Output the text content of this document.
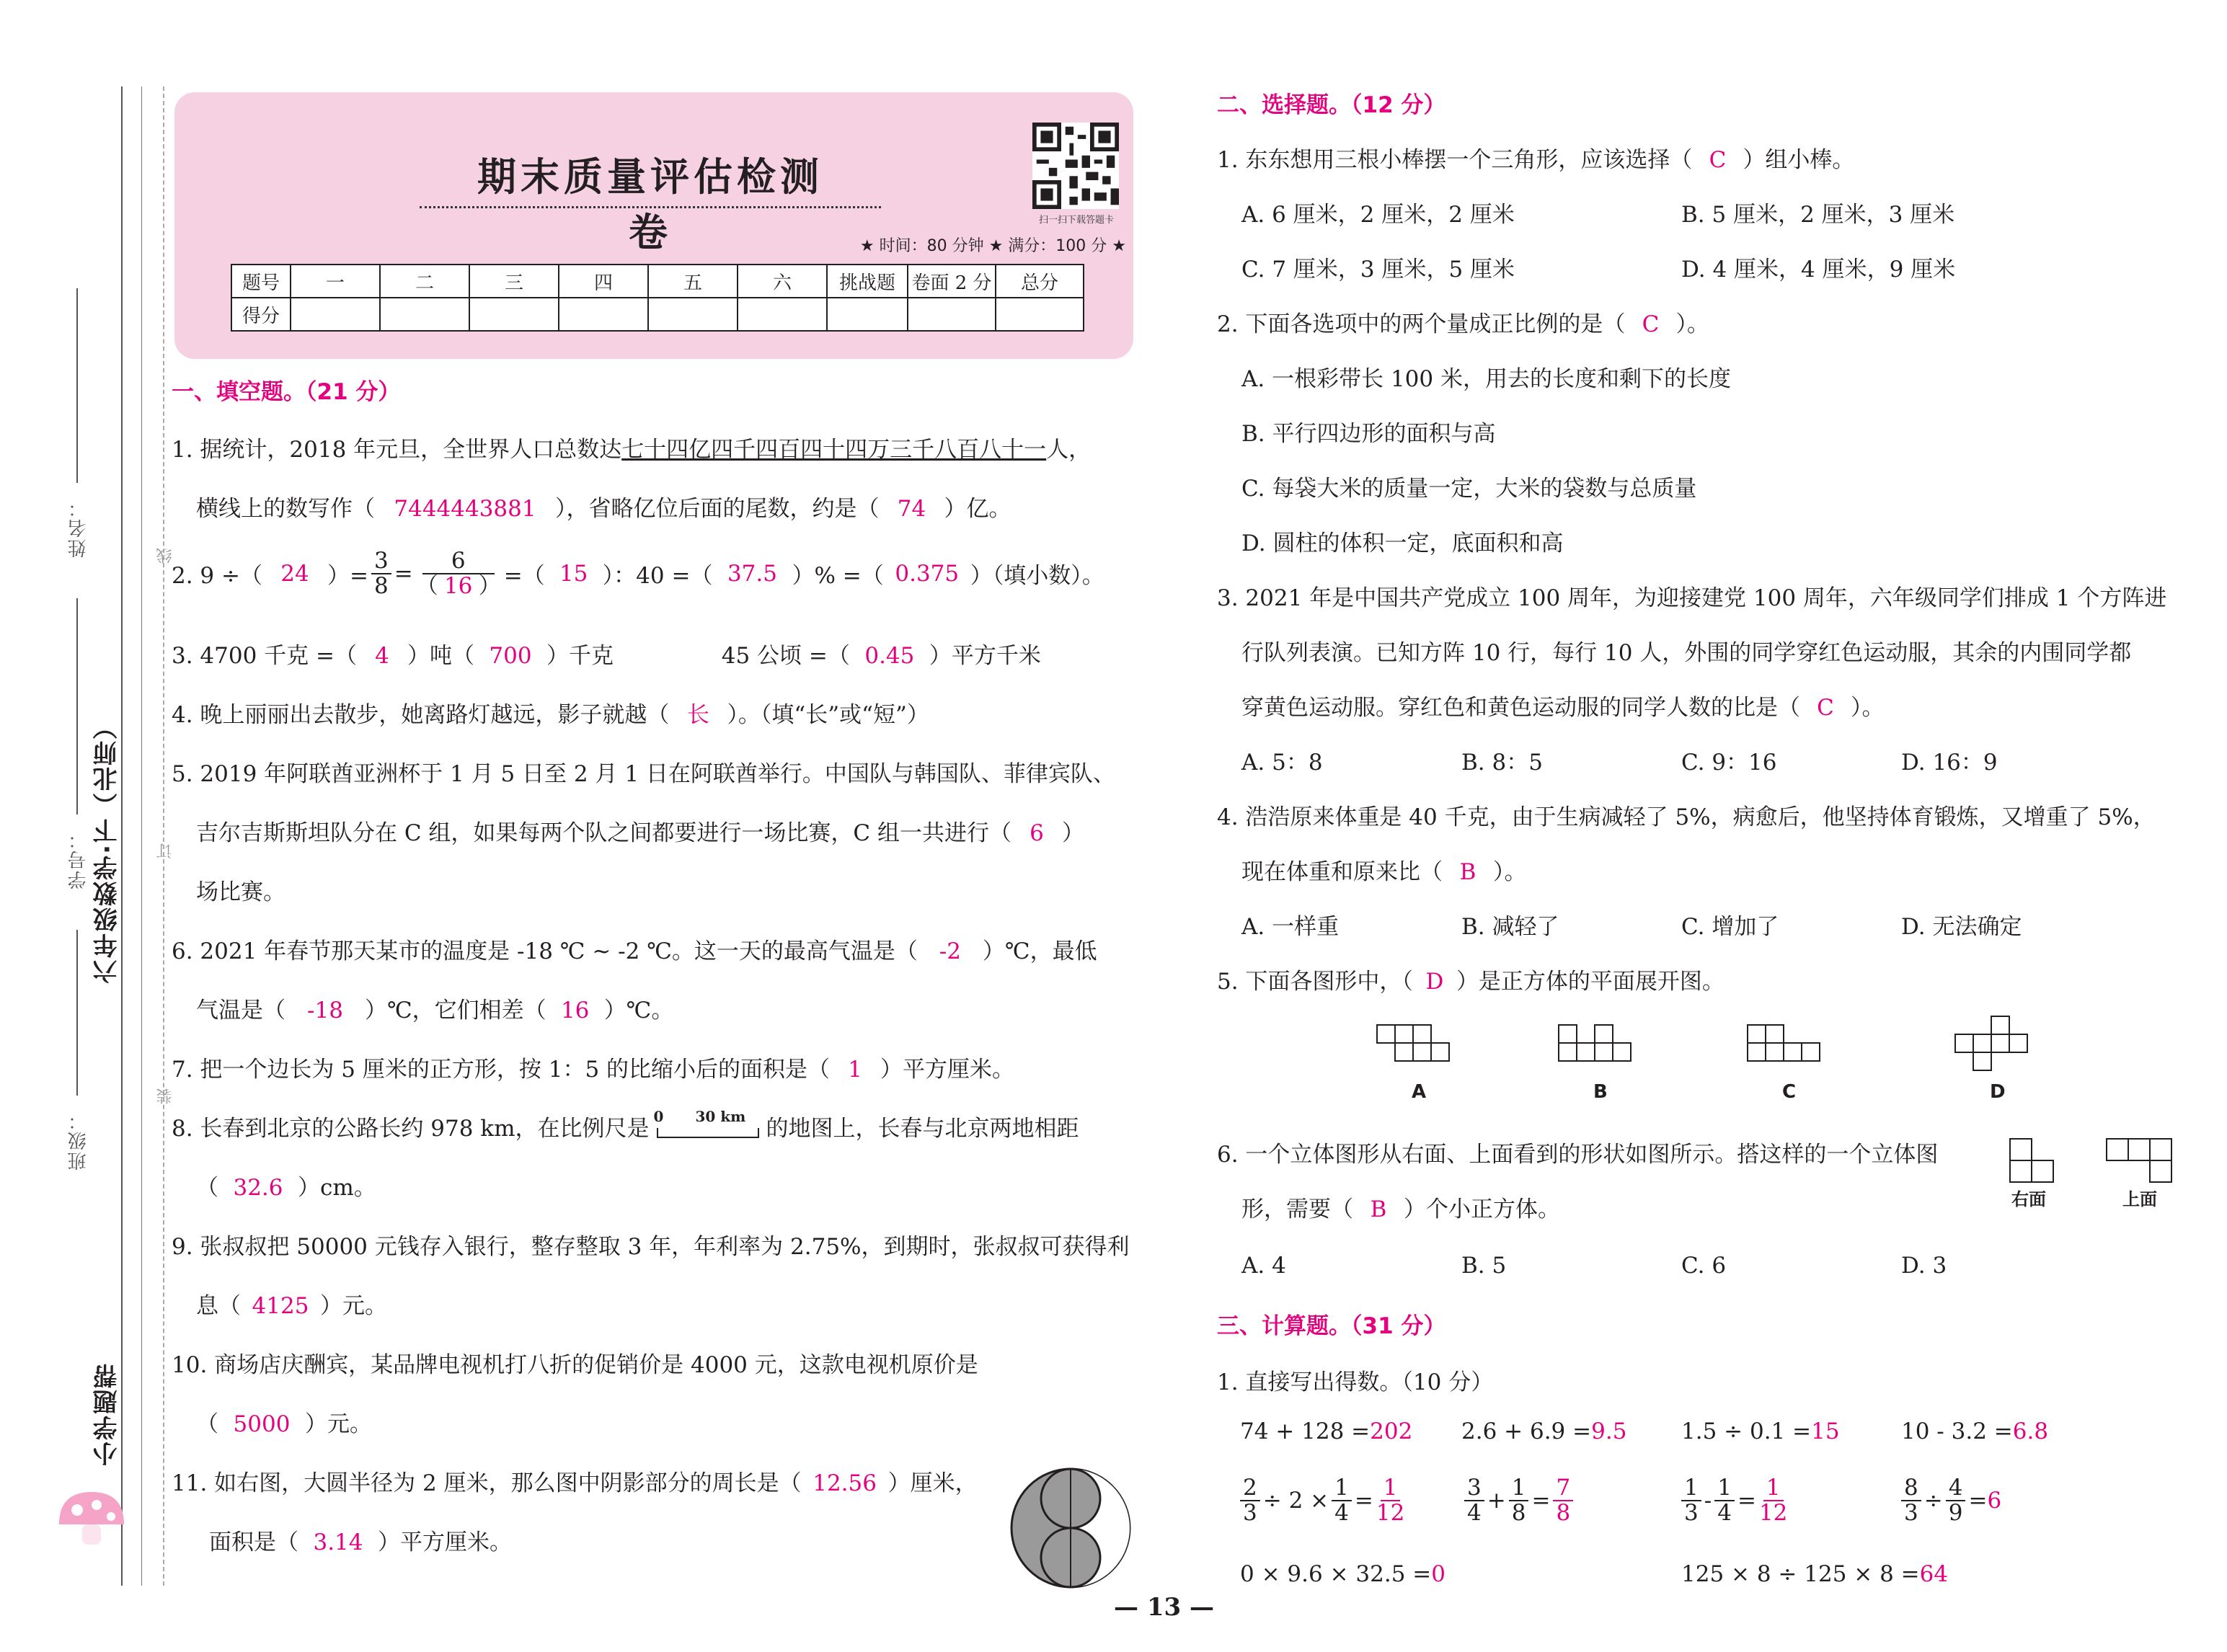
姓名：
学号：
班级：
六年级数学·下（北师）
小学题帮
线
订
装
期末质量评估检测卷	扫一扫下载答题卡
★ 时间：80 分钟 ★ 满分：100 分 ★
题号	一	二	三	四	五	六	挑战题	卷面 2 分	总分
得分									
一、填空题。（21 分）
1. 据统计，2018 年元旦，全世界人口总数达七十四亿四千四百四十四万三千八百八十一人，
横线上的数写作（ 7444443881 ），省略亿位后面的尾数，约是（ 74 ）亿。
2. 9 ÷（ 24 ）= $\frac{3}{8} = \frac{6}{( 16 )}$ =（ 15 ）：40 =（ 37.5 ）% =（ 0.375 ）（填小数）。
3. 4700 千克 =（ 4 ）吨（ 700 ）千克	45 公顷 =（ 0.45 ）平方千米
4. 晚上丽丽出去散步，她离路灯越远，影子就越（ 长 ）。（填“长”或“短”）
5. 2019 年阿联酋亚洲杯于 1 月 5 日至 2 月 1 日在阿联酋举行。中国队与韩国队、菲律宾队、
吉尔吉斯斯坦队分在 C 组，如果每两个队之间都要进行一场比赛，C 组一共进行（ 6 ）
场比赛。
6. 2021 年春节那天某市的温度是 -18 ℃ ~ -2 ℃。这一天的最高气温是（ -2 ）℃，最低
气温是（ -18 ）℃，它们相差（ 16 ）℃。
7. 把一个边长为 5 厘米的正方形，按 1：5 的比缩小后的面积是（ 1 ）平方厘米。
8. 长春到北京的公路长约 978 km，在比例尺是 0 30 km 的地图上，长春与北京两地相距
（ 32.6 ）cm。
9. 张叔叔把 50000 元钱存入银行，整存整取 3 年，年利率为 2.75%，到期时，张叔叔可获得利
息（ 4125 ）元。
10. 商场店庆酬宾，某品牌电视机打八折的促销价是 4000 元，这款电视机原价是
（ 5000 ）元。
11. 如右图，大圆半径为 2 厘米，那么图中阴影部分的周长是（ 12.56 ）厘米，
面积是（ 3.14 ）平方厘米。
二、选择题。（12 分）
1. 东东想用三根小棒摆一个三角形，应该选择（ C ）组小棒。
A. 6 厘米，2 厘米，2 厘米	B. 5 厘米，2 厘米，3 厘米
C. 7 厘米，3 厘米，5 厘米	D. 4 厘米，4 厘米，9 厘米
2. 下面各选项中的两个量成正比例的是（ C ）。
A. 一根彩带长 100 米，用去的长度和剩下的长度
B. 平行四边形的面积与高
C. 每袋大米的质量一定，大米的袋数与总质量
D. 圆柱的体积一定，底面积和高
3. 2021 年是中国共产党成立 100 周年，为迎接建党 100 周年，六年级同学们排成 1 个方阵进
行队列表演。已知方阵 10 行，每行 10 人，外围的同学穿红色运动服，其余的内围同学都
穿黄色运动服。穿红色和黄色运动服的同学人数的比是（ C ）。
A. 5：8	B. 8：5	C. 9：16	D. 16：9
4. 浩浩原来体重是 40 千克，由于生病减轻了 5%，病愈后，他坚持体育锻炼，又增重了 5%，
现在体重和原来比（ B ）。
A. 一样重	B. 减轻了	C. 增加了	D. 无法确定
5. 下面各图形中，（ D ）是正方体的平面展开图。
A	B	C	D
6. 一个立体图形从右面、上面看到的形状如图所示。搭这样的一个立体图
形，需要（ B ）个小正方体。	右面	上面
A. 4	B. 5	C. 6	D. 3
三、计算题。（31 分）
1. 直接写出得数。（10 分）
74 + 128 =202 2.6 + 6.9 =9.5 1.5 ÷ 0.1 =15	10 - 3.2 =6.8
$\frac{2}{3} \div 2 \times \frac{1}{4} = \frac{1}{12}$	$\frac{3}{4} + \frac{1}{8} = \frac{7}{8}$	$\frac{1}{3} - \frac{1}{4} = \frac{1}{12}$	$\frac{8}{3} \div \frac{4}{9} = 6$
0 × 9.6 × 32.5 =0	125 × 8 ÷ 125 × 8 =64
— 13 —
